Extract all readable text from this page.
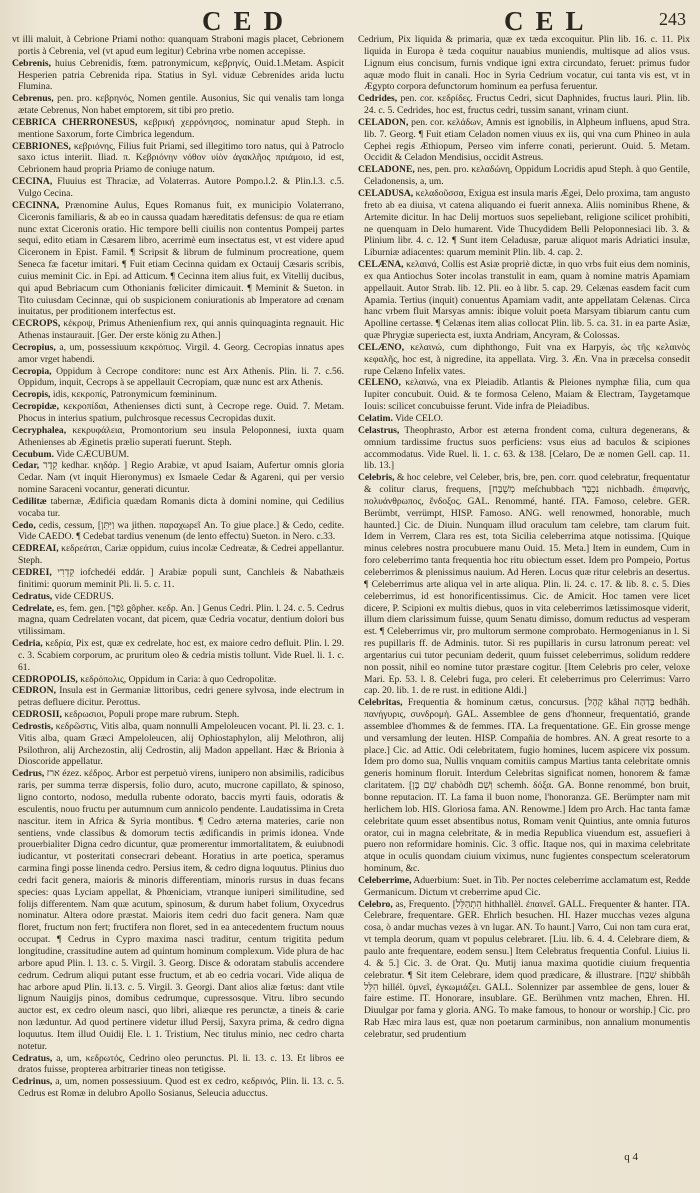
CED	CEL	243
vt illi maluit, à Cebrione Priami notho: quanquam Straboni magis placet, Cebrionem portis à Cebrenia, vel (vt apud eum legitur) Cebrina vrbe nomen accepisse.
Cebrenis, huius Cebrenidis, fœm. patronymicum, κεβρηνίς, Ouid.1.Metam. Aspicit Hesperien patria Cebrenida ripa. Statius in Syl. viduæ Cebrenides arida luctu Flumina.
Cebrenus, pen. pro. κεβρηνός, Nomen gentile. Ausonius, Sic qui venalis tam longa ætate Cebrenus, Non habet emptorem, sit tibi pro pretio.
CEBRICA CHERRONESUS, κεβρική χερρόνησος, nominatur apud Steph. in mentione Saxorum, forte Cimbrica legendum.
CEBRIONES, κεβριόνης, Filius fuit Priami, sed illegitimo toro natus, qui à Patroclo saxo ictus interiit. Iliad. π. Κεβριόνην νόθον υἱὸν ἀγακλῆος πριάμοιο, id est, Cebrionem haud propria Priamo de coniuge natum.
CECINA, Fluuius est Thraciæ, ad Volaterras. Autore Pompo.l.2. & Plin.l.3. c.5. Vulgo Cecina.
CECINNA, Prænomine Aulus, Eques Romanus fuit, ex municipio Volaterrano, Ciceronis familiaris, & ab eo in caussa quadam hæreditatis defensus: de qua re etiam nunc extat Ciceronis oratio. Hic tempore belli ciuilis non contentus Pompeij partes sequi, edito etiam in Cæsarem libro, acerrimè eum insectatus est, vt est videre apud Ciceronem in Epist. Famil. ¶ Scripsit & librum de fulminum procreatione, quem Seneca fæ facetur imitari. ¶ Fuit etiam Cecinna quidam ex Octauij Cæsaris scribis, cuius meminit Cic. in Epi. ad Atticum. ¶ Cecinna item alius fuit, ex Vitellij ducibus, qui apud Bebriacum cum Othonianis fœliciter dimicauit. ¶ Meminit & Sueton. in Tito cuiusdam Cecinnæ, qui ob suspicionem coniurationis ab Imperatore ad cœnam inuitatus, per proditionem interfectus est.
CECROPS, κέκροψ, Primus Athenienfium rex, qui annis quinquaginta regnauit. Hic Athenas instaurauit. [Ger. Der erste könig zu Athen.]
Cecropius, a, um, possessiuum κεκρόπιος. Virgil. 4. Georg. Cecropias innatus apes amor vrget habendi.
Cecropia, Oppidum à Cecrope conditore: nunc est Arx Athenis. Plin. li. 7. c.56. Oppidum, inquit, Cecrops à se appellauit Cecropiam, quæ nunc est arx Athenis.
Cecropis, idis, κεκροπίς, Patronymicum fœmininum.
Cecropidæ, κεκροπίδαι, Athenienses dicti sunt, à Cecrope rege. Ouid. 7. Metam. Phocus in interius spatium, pulchrosque recessus Cecropidas duxit.
Cecryphalea, κεκρυφάλεια, Promontorium seu insula Peloponnesi, iuxta quam Athenienses ab Æginetis prælio superati fuerunt. Steph.
Cecubum. Vide CÆCUBUM.
Cedar, קֵדָר kedhar. κηδάρ. ] Regio Arabiæ, vt apud Isaiam, Aufertur omnis gloria Cedar. Nam (vt inquit Hieronymus) ex Ismaele Cedar & Agareni, qui per versio nomine Saraceni vocantur, generati dicuntur.
Cedilitæ tabernæ, Ædificia quædam Romanis dicta à domini nomine, qui Cedilius vocaba tur.
Cedo, cedis, cessum, [וַיִּתֵּן wa jithen. παραχωρεῖ An. To giue place.] & Cedo, cedite. Vide CAEDO. ¶ Cedebat tardius venenum (de lento effectu) Sueton. in Nero. c.33.
CEDREAI, κεδρεάται, Cariæ oppidum, cuius incolæ Cedreatæ, & Cedrei appellantur. Steph.
CEDREI, קֵדְרִי iofchedéi eddár. ] Arabiæ populi sunt, Canchleis & Nabathæis finitimi: quorum meminit Pli. li. 5. c. 11.
Cedratus, vide CEDRUS.
Cedrelate, es, fem. gen. [גֹּפֶר gôpher. κεδρ. An. ] Genus Cedri. Plin. l. 24. c. 5. Cedrus magna, quam Cedrelaten vocant, dat picem, quæ Cedria vocatur, dentium dolori bus vtilissimam.
Cedria, κεδρία, Pix est, quæ ex cedrelate, hoc est, ex maiore cedro defluit. Plin. l. 29. c. 3. Scabiem corporum, ac pruritum oleo & cedria mistis tollunt. Vide Ruel. li. 1. c. 61.
CEDROPOLIS, κεδρόπολις, Oppidum in Caria: à quo Cedropolitæ.
CEDRON, Insula est in Germaniæ littoribus, cedri genere sylvosa, inde electrum in petras defluere dicitur. Perottus.
CEDROSII, κεδρωσιοι, Populi prope mare rubrum. Steph.
Cedrostis, κεδρῶστις, Vitis alba, quam nonnulli Ampeloleucen vocant. Pl. li. 23. c. 1. Vitis alba, quam Græci Ampeloleucen, alij Ophiostaphylon, alij Melothron, alij Psilothron, alij Archezostin, alij Cedrostin, alij Madon appellant. Hæc & Brionia à Dioscoride appellatur.
Cedrus, ארז ézez. κέδρος. Arbor est perpetuò virens, iunipero non absimilis, radicibus raris, per summa terræ dispersis, folio duro, acuto, mucrone capillato, & spinoso, ligno contorto, nodoso, medulla rubente odorato, baccis myrti fauis, odoratis & esculentis, nouo fructu per autumnum cum annicolo pendente. Laudatissima in Creta nascitur. item in Africa & Syria montibus. ¶ Cedro æterna materies, carie non sentiens, vnde classibus & domorum tectis ædificandis in primis idonea. Vnde prouerbialiter Digna cedro dicuntur, quæ promerentur immortalitatem, & euiubnodi iudicantur, vt posteritati consecrari debeant. Horatius in arte poetica, speramus carmina fingi posse linenda cedro. Persius item, & cedro digna loquutus. Plinius duo cedri facit genera, maioris & minoris differentiam, minoris rursus in duas fecans species: quas Lyciam appellat, & Phœniciam, vtranque iuniperi similitudine, sed folijs differentem. Nam quæ acutum, spinosum, & durum habet folium, Oxycedrus nominatur. Altera odore præstat. Maioris item cedri duo facit genera. Nam quæ floret, fructum non fert; fructifera non floret, sed in ea antecedentem fructum nouus occupat. ¶ Cedrus in Cypro maxima nasci traditur, centum trigitita pedum longitudine, crassitudine autem ad quintum hominum complexum. Vide plura de hac arbore apud Plin. l. 13. c. 5. Virgil. 3. Georg. Disce & odoratam stabulis accendere cedrum. Cedrum aliqui putant esse fructum, et ab eo cedria vocari. Vide aliqua de hac arbore apud Plin. li.13. c. 5. Virgil. 3. Georgi. Dant alios aliæ fœtus: dant vtile lignum Nauigijs pinos, domibus cedrumque, cupressosque. Vitru. libro secundo auctor est, ex cedro oleum nasci, quo libri, aliæque res perunctæ, a tineis & carie non læduntur. Ad quod pertinere videtur illud Persij, Saxyra prima, & cedro digna loquutus. Item illud Ouidij Ele. l. 1. Tristium, Nec titulus minio, nec cedro charta notetur.
Cedratus, a, um, κεδρωτός, Cedrino oleo perunctus. Pl. li. 13. c. 13. Et libros ee dratos fuisse, propterea arbitrarier tineas non tetigisse.
Cedrinus, a, um, nomen possessiuum. Quod est ex cedro, κεδρινός, Plin. li. 13. c. 5. Cedrus est Romæ in delubro Apollo Sosianus, Seleucia aducctus.
Cedrium, Pix liquida & primaria, quæ ex tæda excoquitur. Plin lib. 16. c. 11. Pix liquida in Europa è tæda coquitur nauabius muniendis, multisque ad alios vsus. Lignum eius concisum, furnis vndique igni extra circundato, feruet: primus fudor aquæ modo fluit in canali. Hoc in Syria Cedrium vocatur, cui tanta vis est, vt in Ægypto corpora defunctorum hominum ea perfusa feruentur.
Cedrides, pen. cor. κεδρίδες. Fructus Cedri, sicut Daphnides, fructus lauri. Plin. lib. 24. c. 5. Cedrides, hoc est, fructus cedri, tussim sanant, vrinam ciunt.
CELADON, pen. cor. κελάδων, Amnis est ignobilis, in Alpheum influens, apud Stra. lib. 7. Georg. ¶ Fuit etiam Celadon nomen viuus ex iis, qui vna cum Phineo in aula Cephei regis Æthiopum, Perseo vim inferre conati, perierunt. Ouid. 5. Metam. Occidit & Celadon Mendisius, occidit Astreus.
CELADONE, nes, pen. pro. κελαδώνη, Oppidum Locridis apud Steph. à quo Gentile, Celadonensis, a, um.
CELADUSA, κελαδοῦσσα, Exigua est insula maris Ægei, Delo proxima, tam angusto freto ab ea diuisa, vt catena aliquando ei fuerit annexa. Aliis nominibus Rhene, & Artemite dicitur. In hac Delij mortuos suos sepeliebant, religione scilicet prohibiti, ne quenquam in Delo humarent. Vide Thucydidem Belli Peloponnesiaci lib. 3. & Plinium libr. 4. c. 12. ¶ Sunt item Celadusæ, paruæ aliquot maris Adriatici insulæ, Liburniæ adiacentes: quarum meminit Plin. lib. 4. cap. 2.
CELÆNA, κελαινά, Collis est Asiæ propriè dictæ, in quo vrbs fuit eius dem nominis, ex qua Antiochus Soter incolas transtulit in eam, quam à nomine matris Apamiam appellauit. Autor Strab. lib. 12. Pli. eo à libr. 5. cap. 29. Celænas easdem facit cum Apamia. Tertius (inquit) conuentus Apamiam vadit, ante appellatam Celænas. Circa hanc vrbem fluit Marsyas amnis: ibique voluit poeta Marsyam tibiarum cantu cum Apolline certasse. ¶ Celænas item alias collocat Plin. lib. 5. ca. 31. in ea parte Asiæ, quæ Phrygiæ superiecta est, iuxta Andriam, Ancyram, & Colossas.
CELÆNO, κελαινώ, cum diphthongo, Fuit vna ex Harpyis, ὠς τῆς κελαινὸς κεφαλῆς, hoc est, à nigredine, ita appellata. Virg. 3. Æn. Vna in præcelsa consedit rupe Celæno Infelix vates.
CELENO, κελαινώ, vna ex Pleiadib. Atlantis & Pleiones nymphæ filia, cum qua Iupiter concubuit. Ouid. & te formosa Celeno, Maiam & Electram, Taygetamque Iouis: scilicet concubuisse ferunt. Vide infra de Pleiadibus.
Celatim. Vide CELO.
Celastrus, Theophrasto, Arbor est æterna frondent coma, cultura degenerans, & omnium tardissime fructus suos perficiens: vsus eius ad baculos & scipiones accommodatus. Vide Ruel. li. 1. c. 63. & 138. [Celaro, De æ nomen Gell. cap. 11. lib. 13.]
Celebris, & hoc celebre, vel Celeber, bris, bre, pen. corr. quod celebratur, frequentatur & colitur clarus, frequens, [מְשֻׁבָּח meſchubbach נִכְבָּד nichbadh. ἐπιφανής, πολυάνθρωπος, ἔνδοξος. GAL. Renommé, hanté. ITA. Famoso, celebre. GER. Berümbt, verrümpt, HISP. Famoso. ANG. well renowmed, honorable, much haunted.] Cic. de Diuin. Nunquam illud oraculum tam celebre, tam clarum fuit. Idem in Verrem, Clara res est, tota Sicilia celeberrima atque notissima. [Quique minus celebres nostra procubuere manu Ouid. 15. Meta.] Item in eundem, Cum in foro celeberrimo tanta frequentia hoc ritu obiectum esset. Idem pro Pompeio, Portus celeberrimos & plenissimus nauium. Ad Heren. Locus quæ ritur celebris an desertus. ¶ Celeberrimus arte aliqua vel in arte aliqua. Plin. li. 24. c. 17. & lib. 8. c. 5. Dies celeberrimus, id est honorificentissimus. Cic. de Amicit. Hoc tamen vere licet dicere, P. Scipioni ex multis diebus, quos in vita celeberrimos lætissimosque viderit, illum diem clarissimum fuisse, quum Senatu dimisso, domum reductus ad vesperam est. ¶ Celeberrimus vir, pro multorum sermone comprobato. Hermogenianus in l. Si res pupillaris ff. de Adminis. tutor. Si res pupillaris in cursu latronum pereat: vel argentarius cui tutor pecuniam dederit, quum fuisset celeberrimus, solidum reddere non possit, nihil eo nomine tutor præstare cogitur. [Item Celebris pro celer, veloxe Mari. Ep. 53. l. 8. Celebri fuga, pro celeri. Et celeberrimus pro Celerrimus: Varro cap. 20. lib. 1. de re rust. in editione Aldi.]
Celebritas, Frequentia & hominum cætus, concursus. [קָהָל kâhal בֶּדְהָה bedhâh. πανήγυρις, συνδρομὴ. GAL. Assemblee de gens d'honneur, frequentatió, grande assemblee d'hommes & de femmes. ITA. La frequentatione. GE. Ein grosse menge und versamlung der leuten. HISP. Compañia de hombres. AN. A great resorte to a place.] Cic. ad Attic. Odi celebritatem, fugio homines, lucem aspicere vix possum. Idem pro domo sua, Nullis vnquam comitiis campus Martius tanta celebritate omnis generis hominum floruit. Interdum Celebritas significat nomen, honorem & famæ claritatem. [שֵׁם בֶּן chabòdh וְשֵׁם schemh. δόξα. GA. Bonne renommé, bon bruit, bonne reputacion. IT. La fama il buon nome, l'honoranza. GE. Berümpter nam mit herlichem lob. HIS. Gloriosa fama. AN. Renowme.] Idem pro Arch. Hac tanta famæ celebritate quum esset absentibus notus, Romam venit Quintius, ante omnia futuros orator, cui in magna celebritate, & in media Republica viuendum est, assuefieri à puero non reformidare hominis. Cic. 3 offic. Itaque nos, qui in maxima celebritate atque in oculis quondam ciuium viximus, nunc fugientes conspectum sceleratorum hominum, &c.
Celeberrime, Aduerbium: Suet. in Tib. Per noctes celeberrime acclamatum est, Redde Germanicum. Dictum vt creberrime apud Cic.
Celebro, as, Frequento. [הִתְהַלֵּל hithhallèl. ἐπαινεῖ. GALL. Frequenter & hanter. ITA. Celebrare, frequentare. GER. Ehrlich besuchen. HI. Hazer mucchas vezes alguna cosa, ò andar muchas vezes à vn lugar. AN. To haunt.] Varro, Cui non tam cura erat, vt templa deorum, quam vt populus celebraret. [Liu. lib. 6. 4. 4. Celebrare diem, & paulo ante frequentare, eodem sensu.] Item Celebratus frequentia Conful. Liuius li. 4. & 5.] Cic. 3. de Orat. Qu. Mutij ianua maxima quotidie ciuium frequentia celebratur. ¶ Sit item Celebrare, idem quod prædicare, & illustrare. [שִׁבַּח shibbâh הִלֵּל hillél. ὑμνεῖ, ἐγκωμιάζει. GALL. Solennizer par assemblee de gens, louer & faire estime. IT. Honorare, insublare. GE. Berühmen vntz machen, Ehren. HI. Diuulgar por fama y gloria. ANG. To make famous, to honour or worship.] Cic. pro Rab Hæc mira laus est, quæ non poetarum carminibus, non annalium monumentis celebratur, sed prudentium
q 4
